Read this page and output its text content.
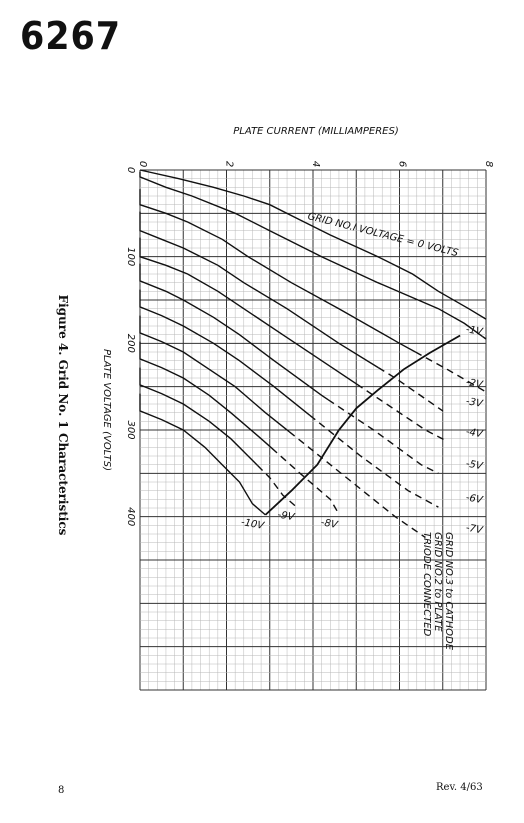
6267
0	2	4	6	8
0
100
200
300
400
GRID NO.I VOLTAGE = 0 VOLTS
-1V
-2V
-3V
-4V
-5V
-6V
-7V
-8V
-9V
-10V
PLATE CURRENT (MILLIAMPERES)
PLATE VOLTAGE (VOLTS)
TRIODE CONNECTED GRID NO.2 to PLATE GRID NO.3 to CATHODE
Figure 4. Grid No. 1 Characteristics
8	Rev. 4/63
